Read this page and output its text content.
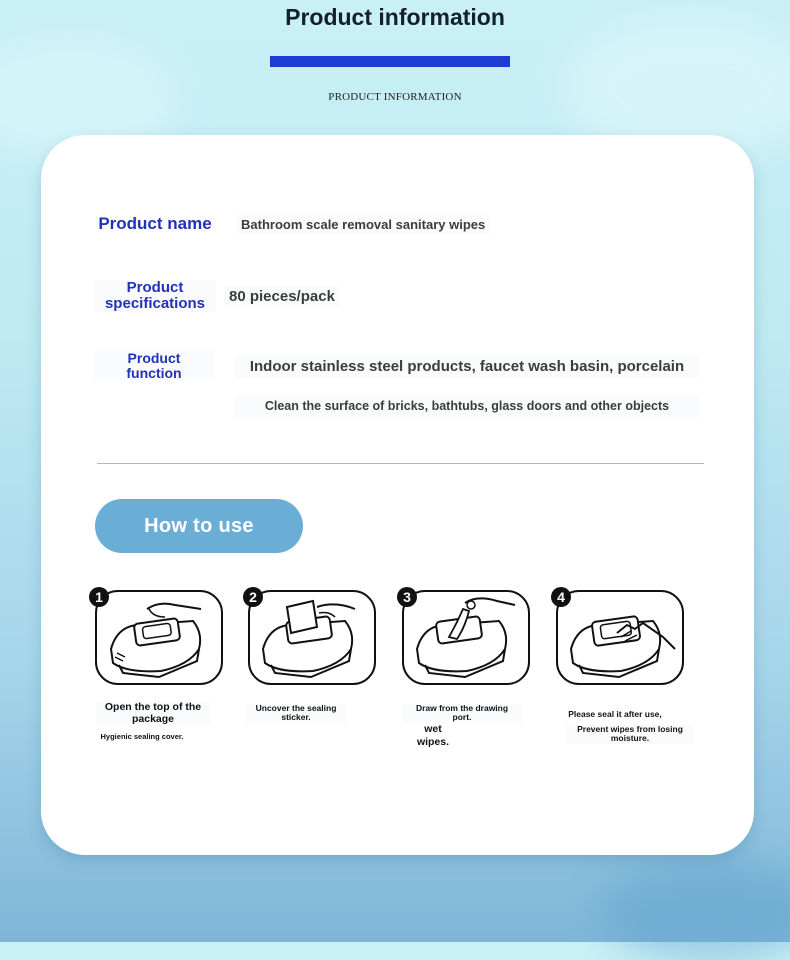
Product information
PRODUCT INFORMATION
Product name	Bathroom scale removal sanitary wipes
Product
specifications	80 pieces/pack
Product
function	Indoor stainless steel products, faucet wash basin, porcelain
Clean the surface of bricks, bathtubs, glass doors and other objects
How to use
1	2	3	4
Open the top of the
package
Hygienic sealing cover.
Uncover the sealing
sticker.
Draw from the drawing
port.
wet
wipes.
Please seal it after use,
Prevent wipes from losing
moisture.
